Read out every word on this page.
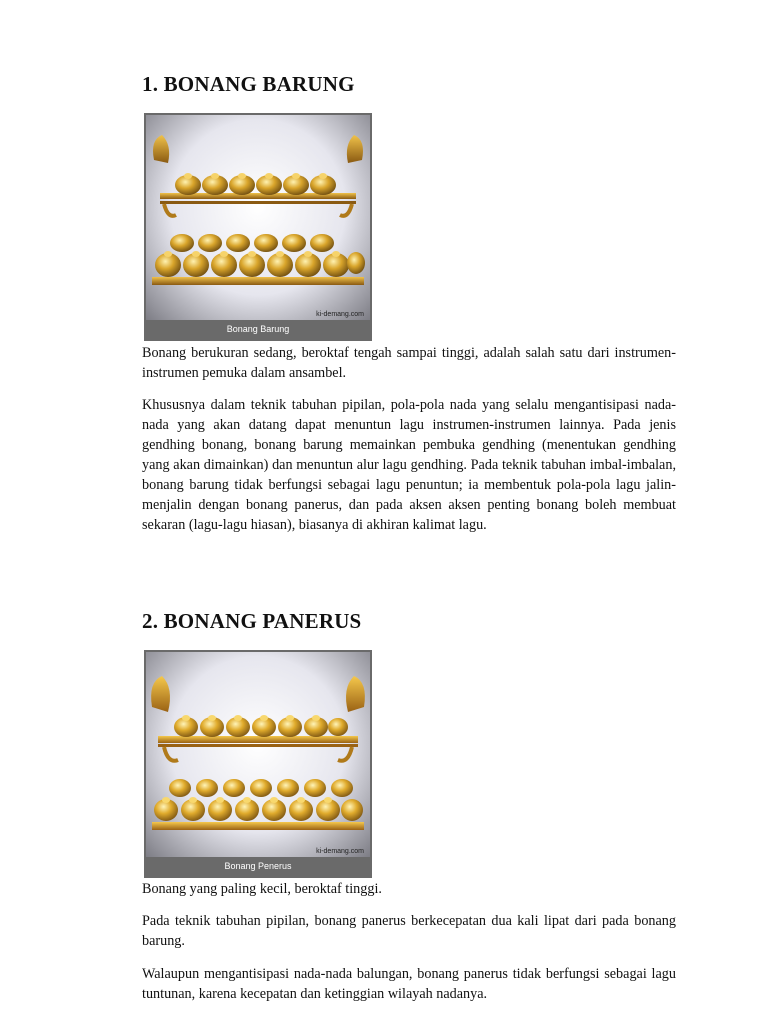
1. BONANG BARUNG
ki-demang.com
Bonang Barung

Bonang berukuran sedang, beroktaf tengah sampai tinggi, adalah salah satu dari instrumen-instrumen pemuka dalam ansambel.

Khususnya dalam teknik tabuhan pipilan, pola-pola nada yang selalu mengantisipasi nada-nada yang akan datang dapat menuntun lagu instrumen-instrumen lainnya. Pada jenis gendhing bonang, bonang barung memainkan pembuka gendhing (menentukan gendhing yang akan dimainkan) dan menuntun alur lagu gendhing. Pada teknik tabuhan imbal-imbalan, bonang barung tidak berfungsi sebagai lagu penuntun; ia membentuk pola-pola lagu jalin-menjalin dengan bonang panerus, dan pada aksen aksen penting bonang boleh membuat sekaran (lagu-lagu hiasan), biasanya di akhiran kalimat lagu.

2. BONANG PANERUS
ki-demang.com
Bonang Penerus

Bonang yang paling kecil, beroktaf tinggi.

Pada teknik tabuhan pipilan, bonang panerus berkecepatan dua kali lipat dari pada bonang barung.

Walaupun mengantisipasi nada-nada balungan, bonang panerus tidak berfungsi sebagai lagu tuntunan, karena kecepatan dan ketinggian wilayah nadanya.
